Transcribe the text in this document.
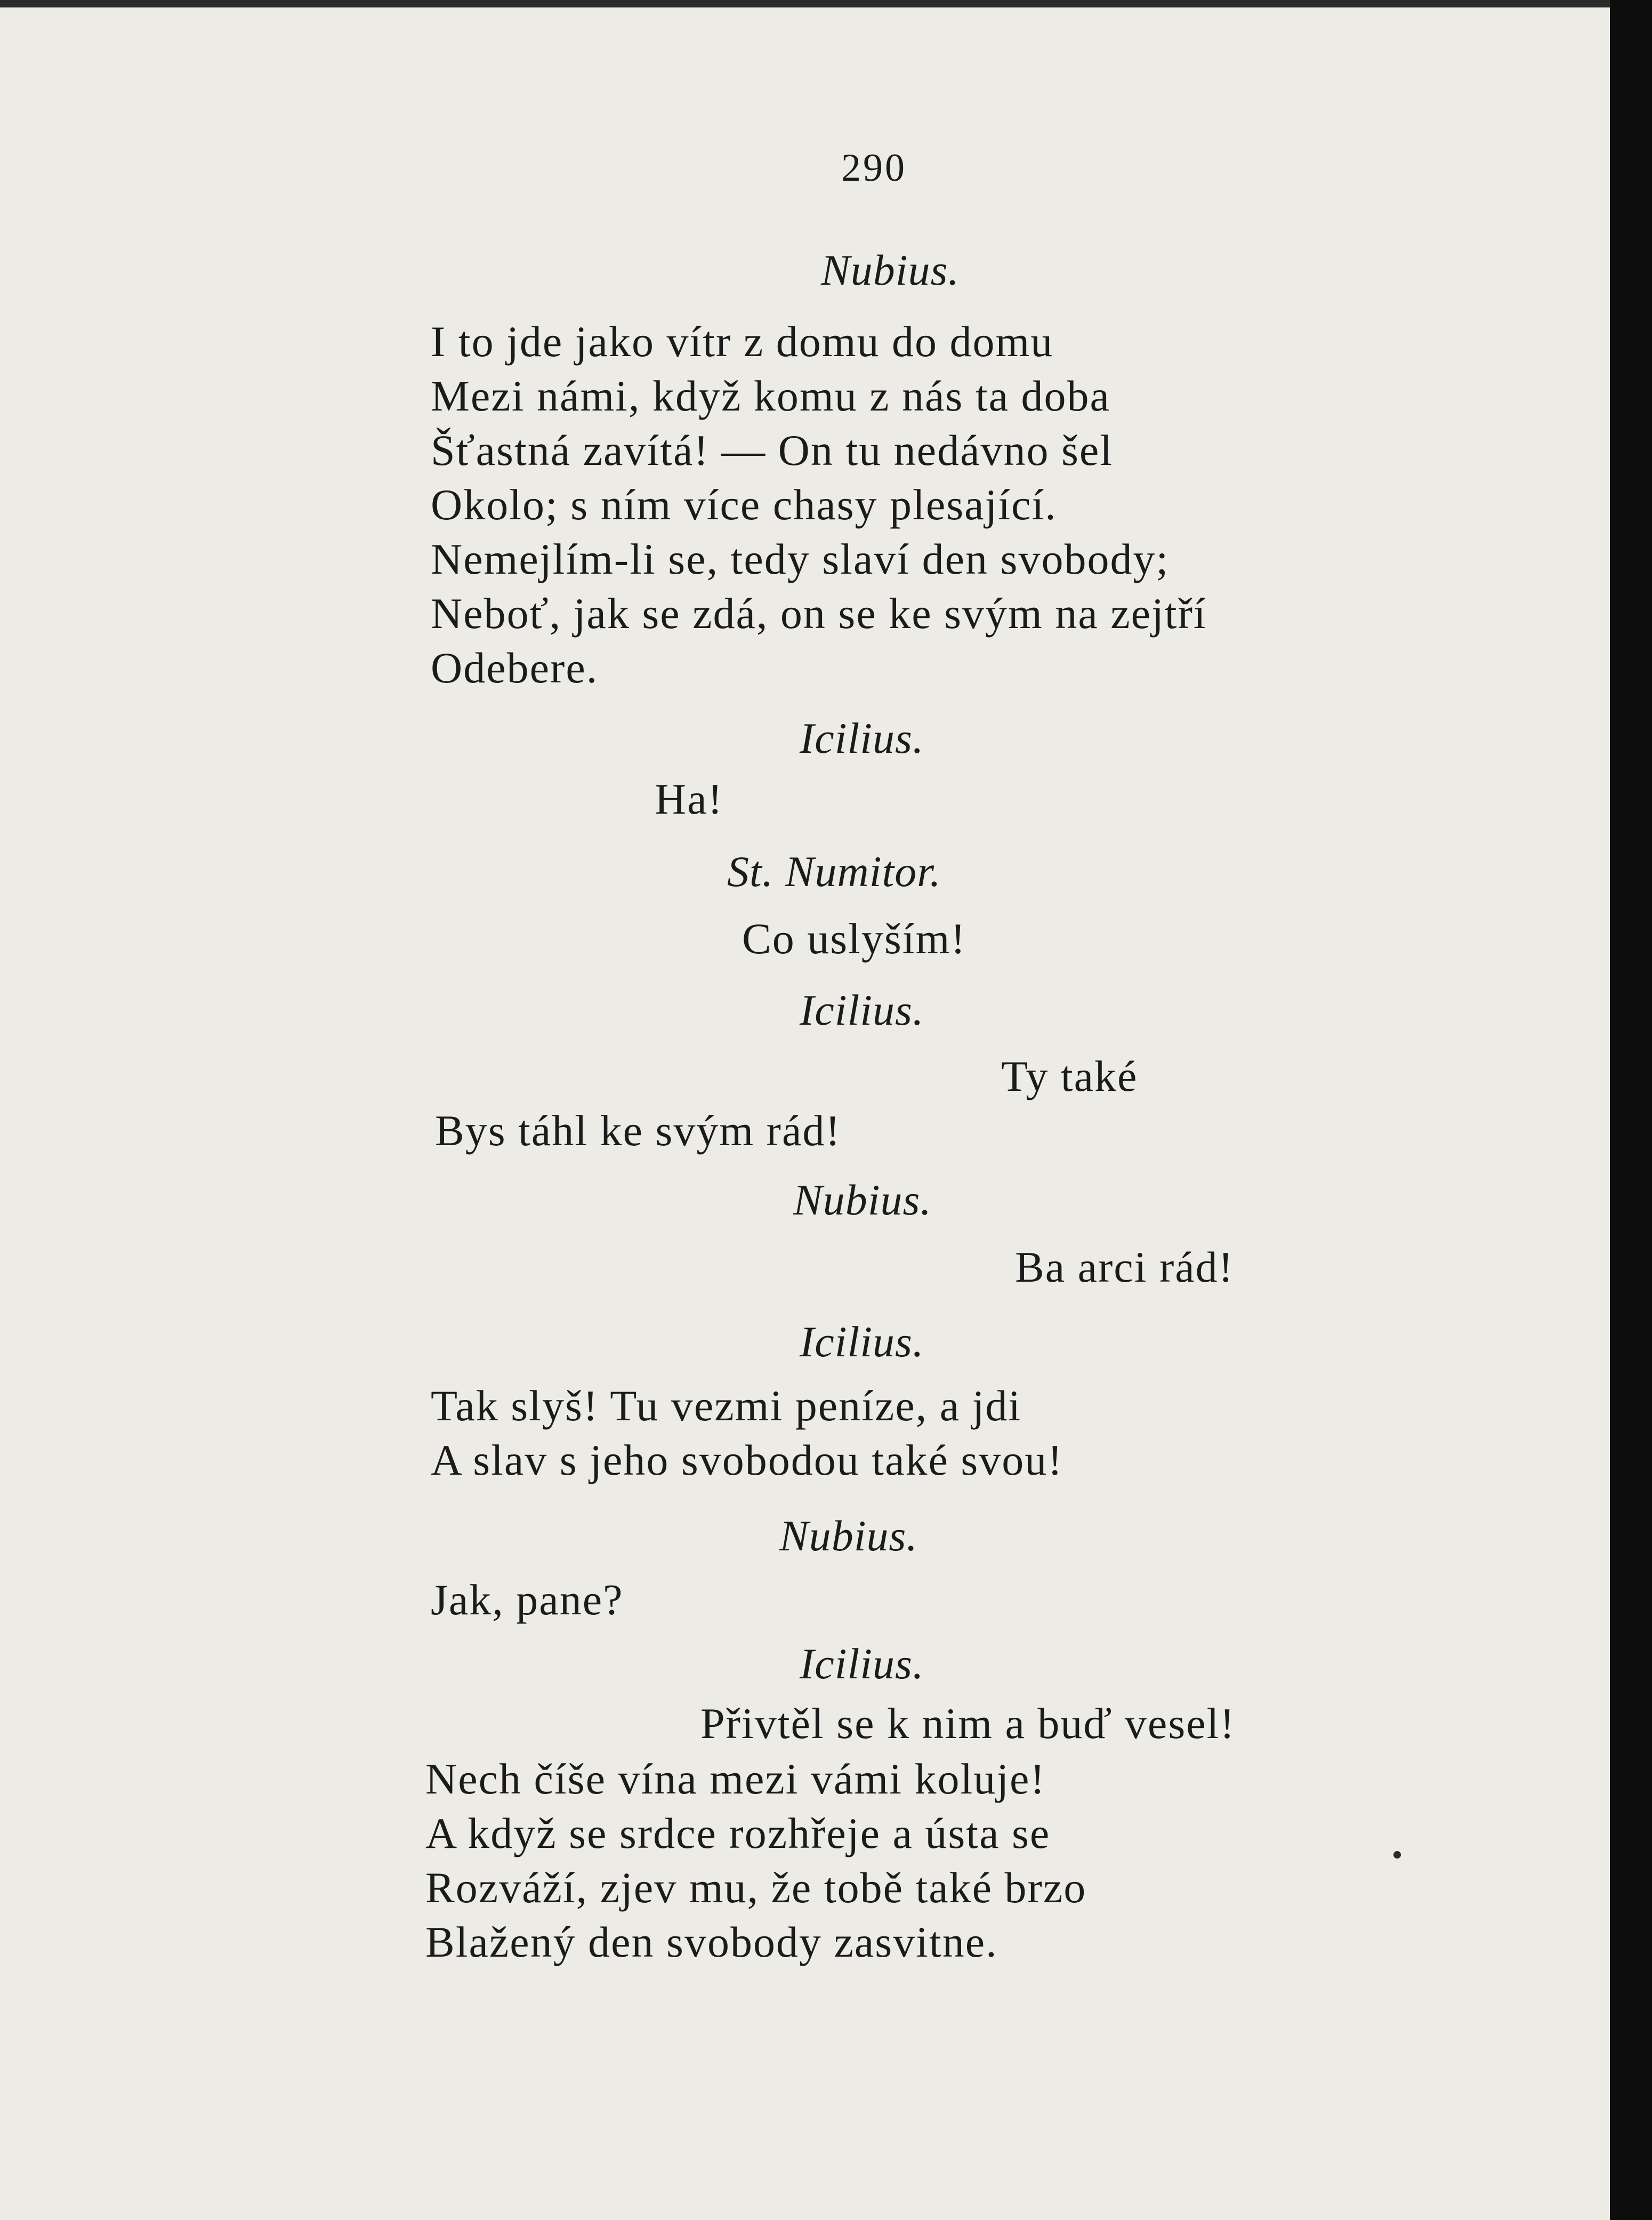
290
Nubius.
I to jde jako vítr z domu do domu
Mezi námi, když komu z nás ta doba
Šťastná zavítá! — On tu nedávno šel
Okolo; s ním více chasy plesající.
Nemejlím-li se, tedy slaví den svobody;
Neboť, jak se zdá, on se ke svým na zejtří
Odebere.
Icilius.
Ha!
St. Numitor.
Co uslyším!
Icilius.
Ty také
Bys táhl ke svým rád!
Nubius.
Ba arci rád!
Icilius.
Tak slyš! Tu vezmi peníze, a jdi
A slav s jeho svobodou také svou!
Nubius.
Jak, pane?
Icilius.
Přivtěl se k nim a buď vesel!
Nech číše vína mezi vámi koluje!
A když se srdce rozhřeje a ústa se
Rozváží, zjev mu, že tobě také brzo
Blažený den svobody zasvitne.
